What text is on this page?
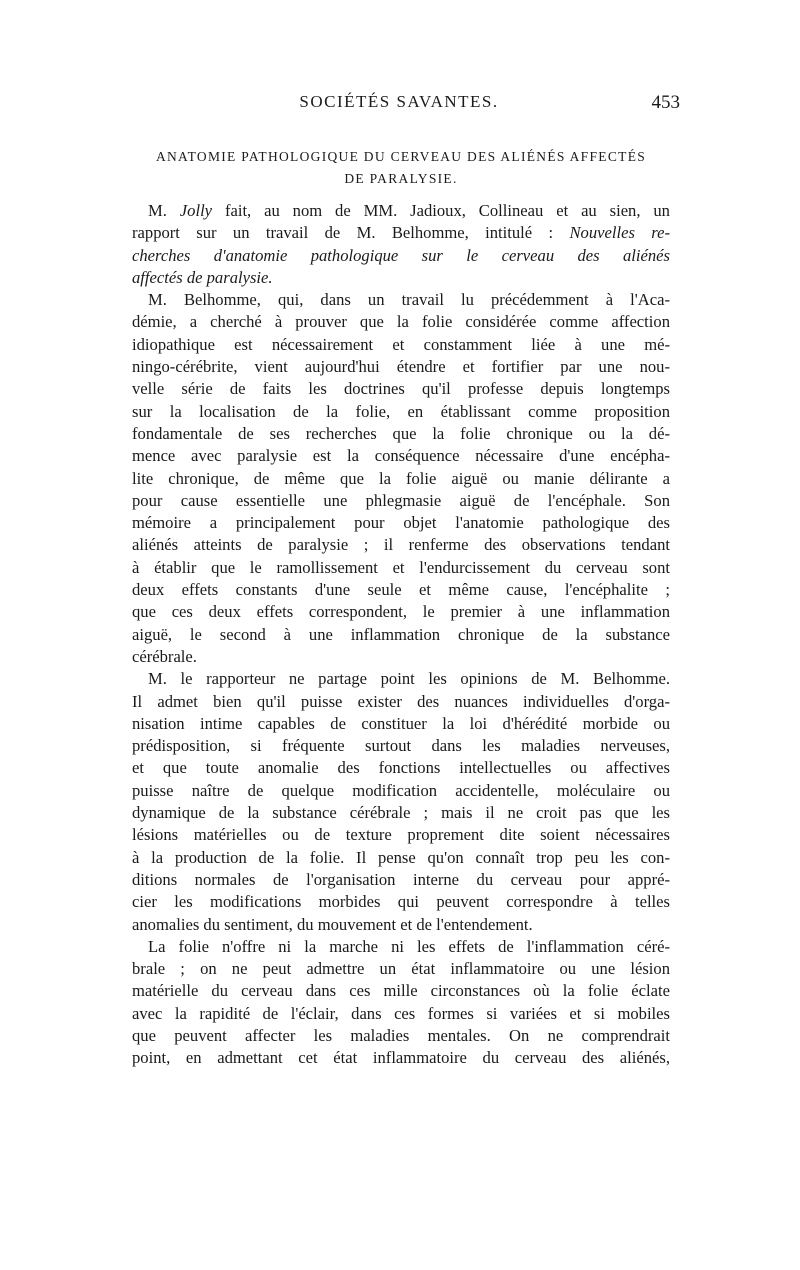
SOCIÉTÉS SAVANTES.	453
ANATOMIE PATHOLOGIQUE DU CERVEAU DES ALIÉNÉS AFFECTÉS
DE PARALYSIE.
M. Jolly fait, au nom de MM. Jadioux, Collineau et au sien, un
rapport sur un travail de M. Belhomme, intitulé : Nouvelles re-
cherches d'anatomie pathologique sur le cerveau des aliénés
affectés de paralysie.
M. Belhomme, qui, dans un travail lu précédemment à l'Aca-
démie, a cherché à prouver que la folie considérée comme affection
idiopathique est nécessairement et constamment liée à une mé-
ningo-cérébrite, vient aujourd'hui étendre et fortifier par une nou-
velle série de faits les doctrines qu'il professe depuis longtemps
sur la localisation de la folie, en établissant comme proposition
fondamentale de ses recherches que la folie chronique ou la dé-
mence avec paralysie est la conséquence nécessaire d'une encépha-
lite chronique, de même que la folie aiguë ou manie délirante a
pour cause essentielle une phlegmasie aiguë de l'encéphale. Son
mémoire a principalement pour objet l'anatomie pathologique des
aliénés atteints de paralysie ; il renferme des observations tendant
à établir que le ramollissement et l'endurcissement du cerveau sont
deux effets constants d'une seule et même cause, l'encéphalite ;
que ces deux effets correspondent, le premier à une inflammation
aiguë, le second à une inflammation chronique de la substance
cérébrale.
M. le rapporteur ne partage point les opinions de M. Belhomme.
Il admet bien qu'il puisse exister des nuances individuelles d'orga-
nisation intime capables de constituer la loi d'hérédité morbide ou
prédisposition, si fréquente surtout dans les maladies nerveuses,
et que toute anomalie des fonctions intellectuelles ou affectives
puisse naître de quelque modification accidentelle, moléculaire ou
dynamique de la substance cérébrale ; mais il ne croit pas que les
lésions matérielles ou de texture proprement dite soient nécessaires
à la production de la folie. Il pense qu'on connaît trop peu les con-
ditions normales de l'organisation interne du cerveau pour appré-
cier les modifications morbides qui peuvent correspondre à telles
anomalies du sentiment, du mouvement et de l'entendement.
La folie n'offre ni la marche ni les effets de l'inflammation céré-
brale ; on ne peut admettre un état inflammatoire ou une lésion
matérielle du cerveau dans ces mille circonstances où la folie éclate
avec la rapidité de l'éclair, dans ces formes si variées et si mobiles
que peuvent affecter les maladies mentales. On ne comprendrait
point, en admettant cet état inflammatoire du cerveau des aliénés,
